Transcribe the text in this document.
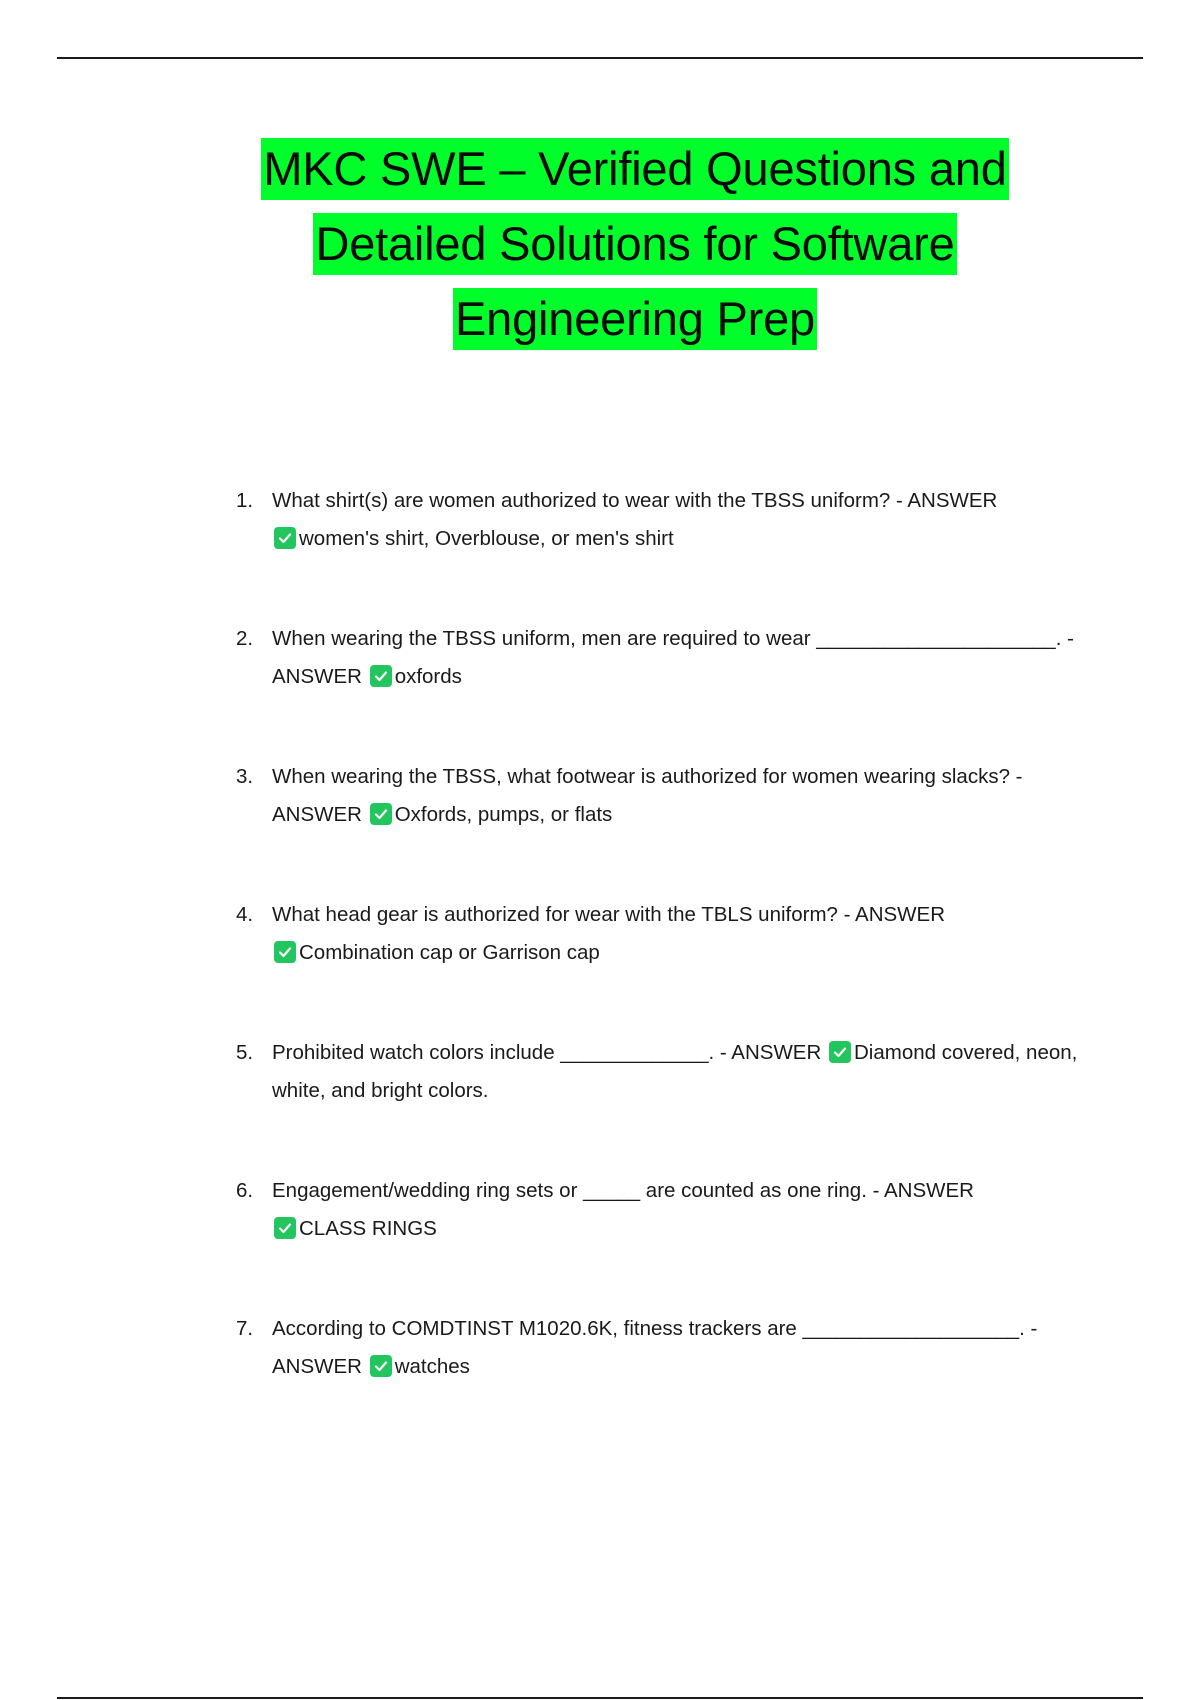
MKC SWE – Verified Questions and
Detailed Solutions for Software
Engineering Prep
1. What shirt(s) are women authorized to wear with the TBSS uniform? - ANSWER

women's shirt, Overblouse, or men's shirt
2. When wearing the TBSS uniform, men are required to wear _____________________. - ANSWER oxfords
3. When wearing the TBSS, what footwear is authorized for women wearing slacks? - ANSWER Oxfords, pumps, or flats
4. What head gear is authorized for wear with the TBLS uniform? - ANSWER

Combination cap or Garrison cap
5. Prohibited watch colors include _____________. - ANSWER Diamond covered, neon, white, and bright colors.
6. Engagement/wedding ring sets or _____ are counted as one ring. - ANSWER

CLASS RINGS
7. According to COMDTINST M1020.6K, fitness trackers are ___________________. - ANSWER watches
